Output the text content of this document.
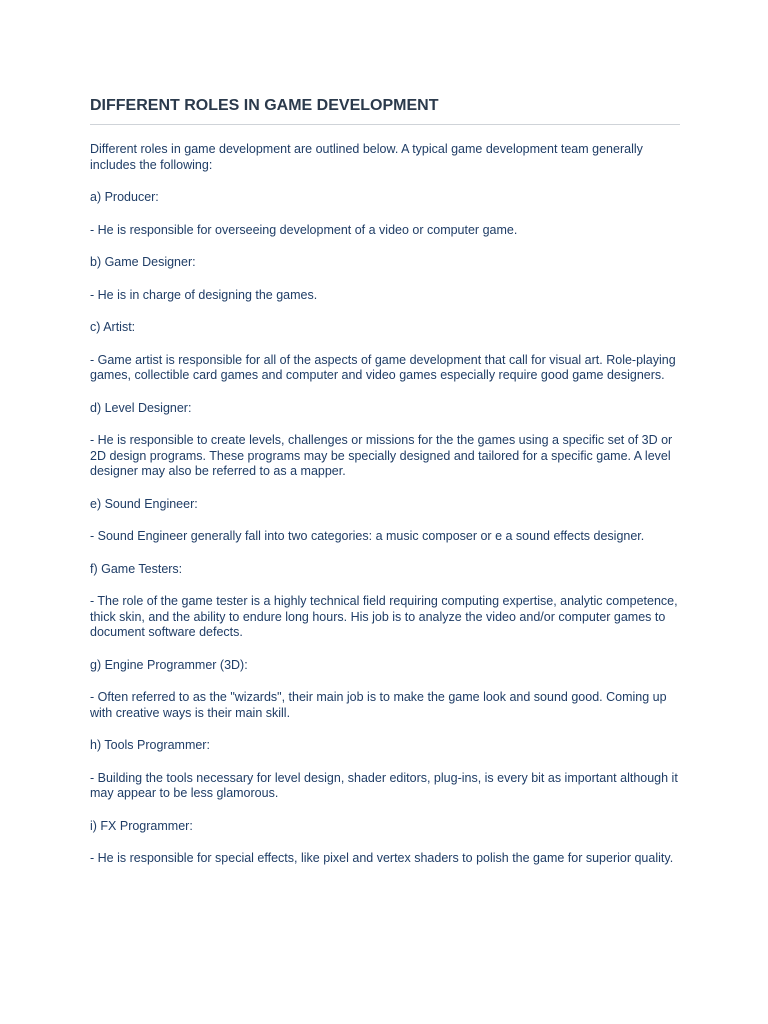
DIFFERENT ROLES IN GAME DEVELOPMENT

Different roles in game development are outlined below. A typical game development team generally includes the following:

a) Producer:

- He is responsible for overseeing development of a video or computer game.

b) Game Designer:

- He is in charge of designing the games.

c) Artist:

- Game artist is responsible for all of the aspects of game development that call for visual art. Role-playing games, collectible card games and computer and video games especially require good game designers.

d) Level Designer:

- He is responsible to create levels, challenges or missions for the the games using a specific set of 3D or 2D design programs. These programs may be specially designed and tailored for a specific game. A level designer may also be referred to as a mapper.

e) Sound Engineer:

- Sound Engineer generally fall into two categories: a music composer or e a sound effects designer.

f) Game Testers:

- The role of the game tester is a highly technical field requiring computing expertise, analytic competence, thick skin, and the ability to endure long hours. His job is to analyze the video and/or computer games to document software defects.

g) Engine Programmer (3D):

- Often referred to as the "wizards", their main job is to make the game look and sound good. Coming up with creative ways is their main skill.

h) Tools Programmer:

- Building the tools necessary for level design, shader editors, plug-ins, is every bit as important although it may appear to be less glamorous.

i) FX Programmer:

- He is responsible for special effects, like pixel and vertex shaders to polish the game for superior quality.
